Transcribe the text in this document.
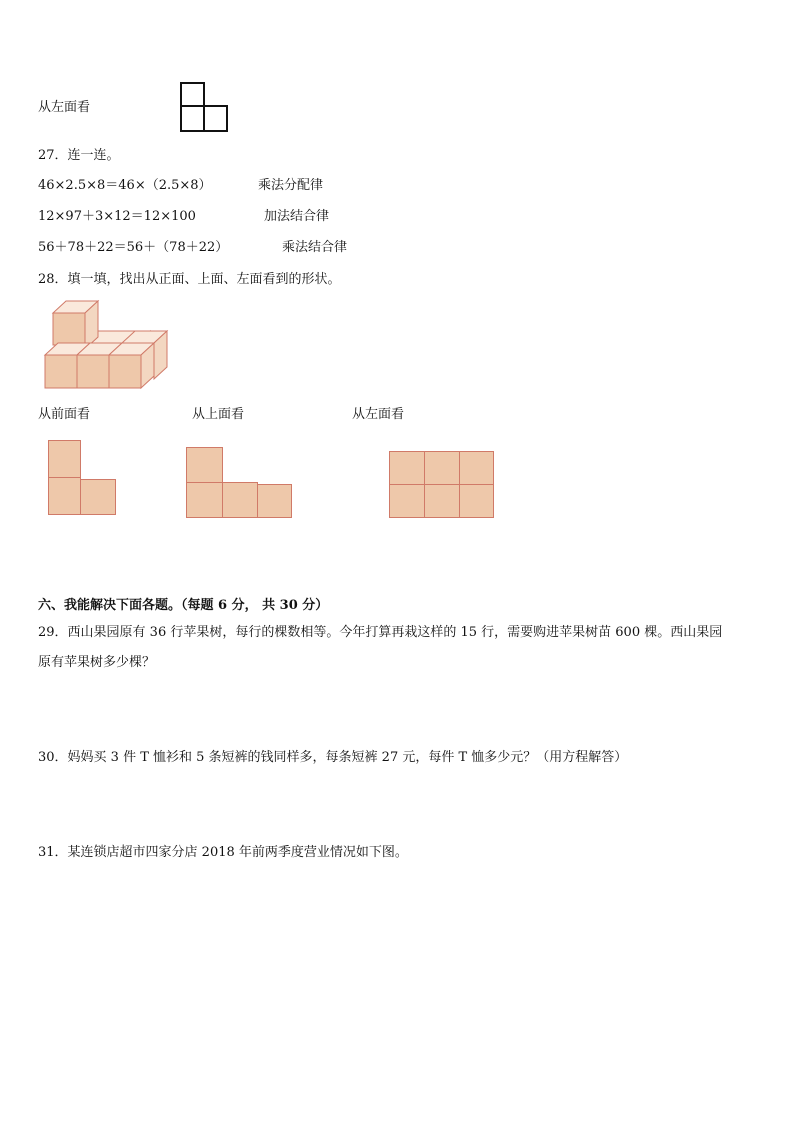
从左面看
27．连一连。
46×2.5×8＝46×（2.5×8）	乘法分配律
12×97＋3×12＝12×100	加法结合律
56＋78＋22＝56＋（78＋22）	乘法结合律
28．填一填，找出从正面、上面、左面看到的形状。
从前面看	从上面看	从左面看
六、我能解决下面各题。（每题 6 分， 共 30 分）
29．西山果园原有 36 行苹果树，每行的棵数相等。今年打算再栽这样的 15 行，需要购进苹果树苗 600 棵。西山果园
原有苹果树多少棵？
30．妈妈买 3 件 T 恤衫和 5 条短裤的钱同样多，每条短裤 27 元，每件 T 恤多少元？（用方程解答）
31．某连锁店超市四家分店 2018 年前两季度营业情况如下图。
